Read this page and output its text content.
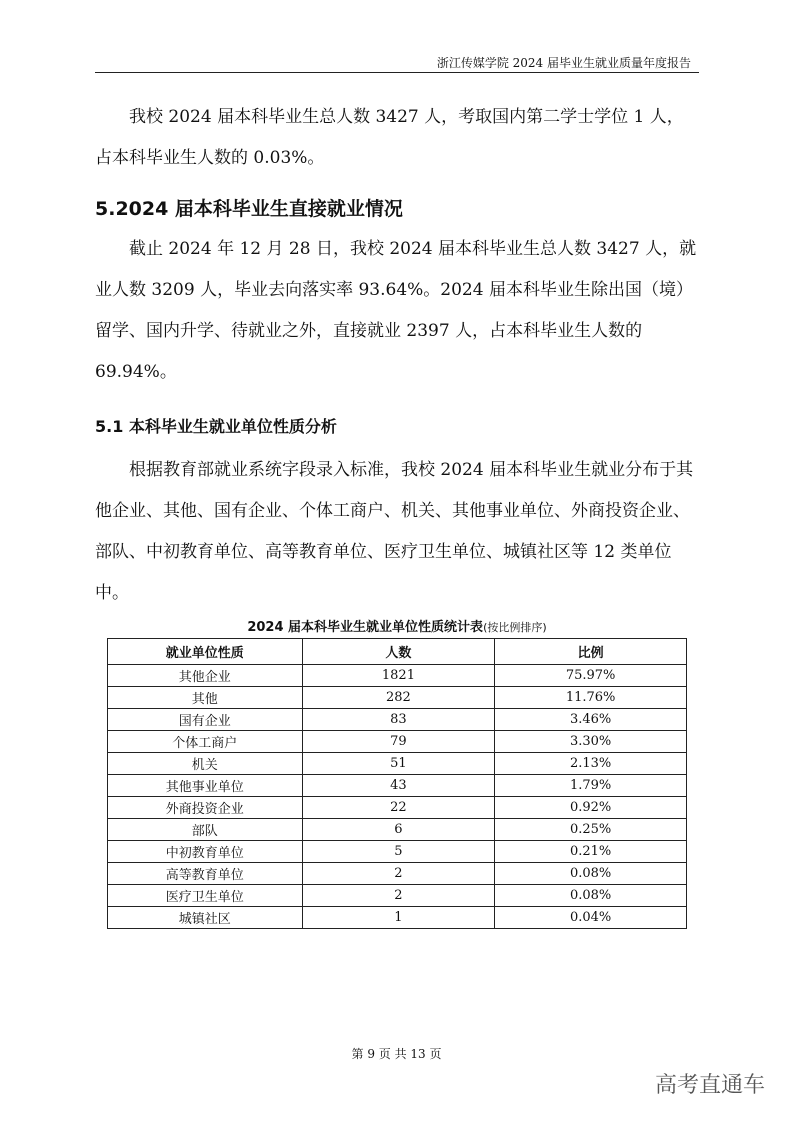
浙江传媒学院 2024 届毕业生就业质量年度报告

我校 2024 届本科毕业生总人数 3427 人，考取国内第二学士学位 1 人，占本科毕业生人数的 0.03%。

5.2024 届本科毕业生直接就业情况

截止 2024 年 12 月 28 日，我校 2024 届本科毕业生总人数 3427 人，就业人数 3209 人，毕业去向落实率 93.64%。2024 届本科毕业生除出国（境）留学、国内升学、待就业之外，直接就业 2397 人，占本科毕业生人数的 69.94%。

5.1 本科毕业生就业单位性质分析

根据教育部就业系统字段录入标准，我校 2024 届本科毕业生就业分布于其他企业、其他、国有企业、个体工商户、机关、其他事业单位、外商投资企业、部队、中初教育单位、高等教育单位、医疗卫生单位、城镇社区等 12 类单位中。

2024 届本科毕业生就业单位性质统计表(按比例排序)
就业单位性质	人数	比例
其他企业	1821	75.97%
其他	282	11.76%
国有企业	83	3.46%
个体工商户	79	3.30%
机关	51	2.13%
其他事业单位	43	1.79%
外商投资企业	22	0.92%
部队	6	0.25%
中初教育单位	5	0.21%
高等教育单位	2	0.08%
医疗卫生单位	2	0.08%
城镇社区	1	0.04%
第 9 页 共 13 页
高考直通车
